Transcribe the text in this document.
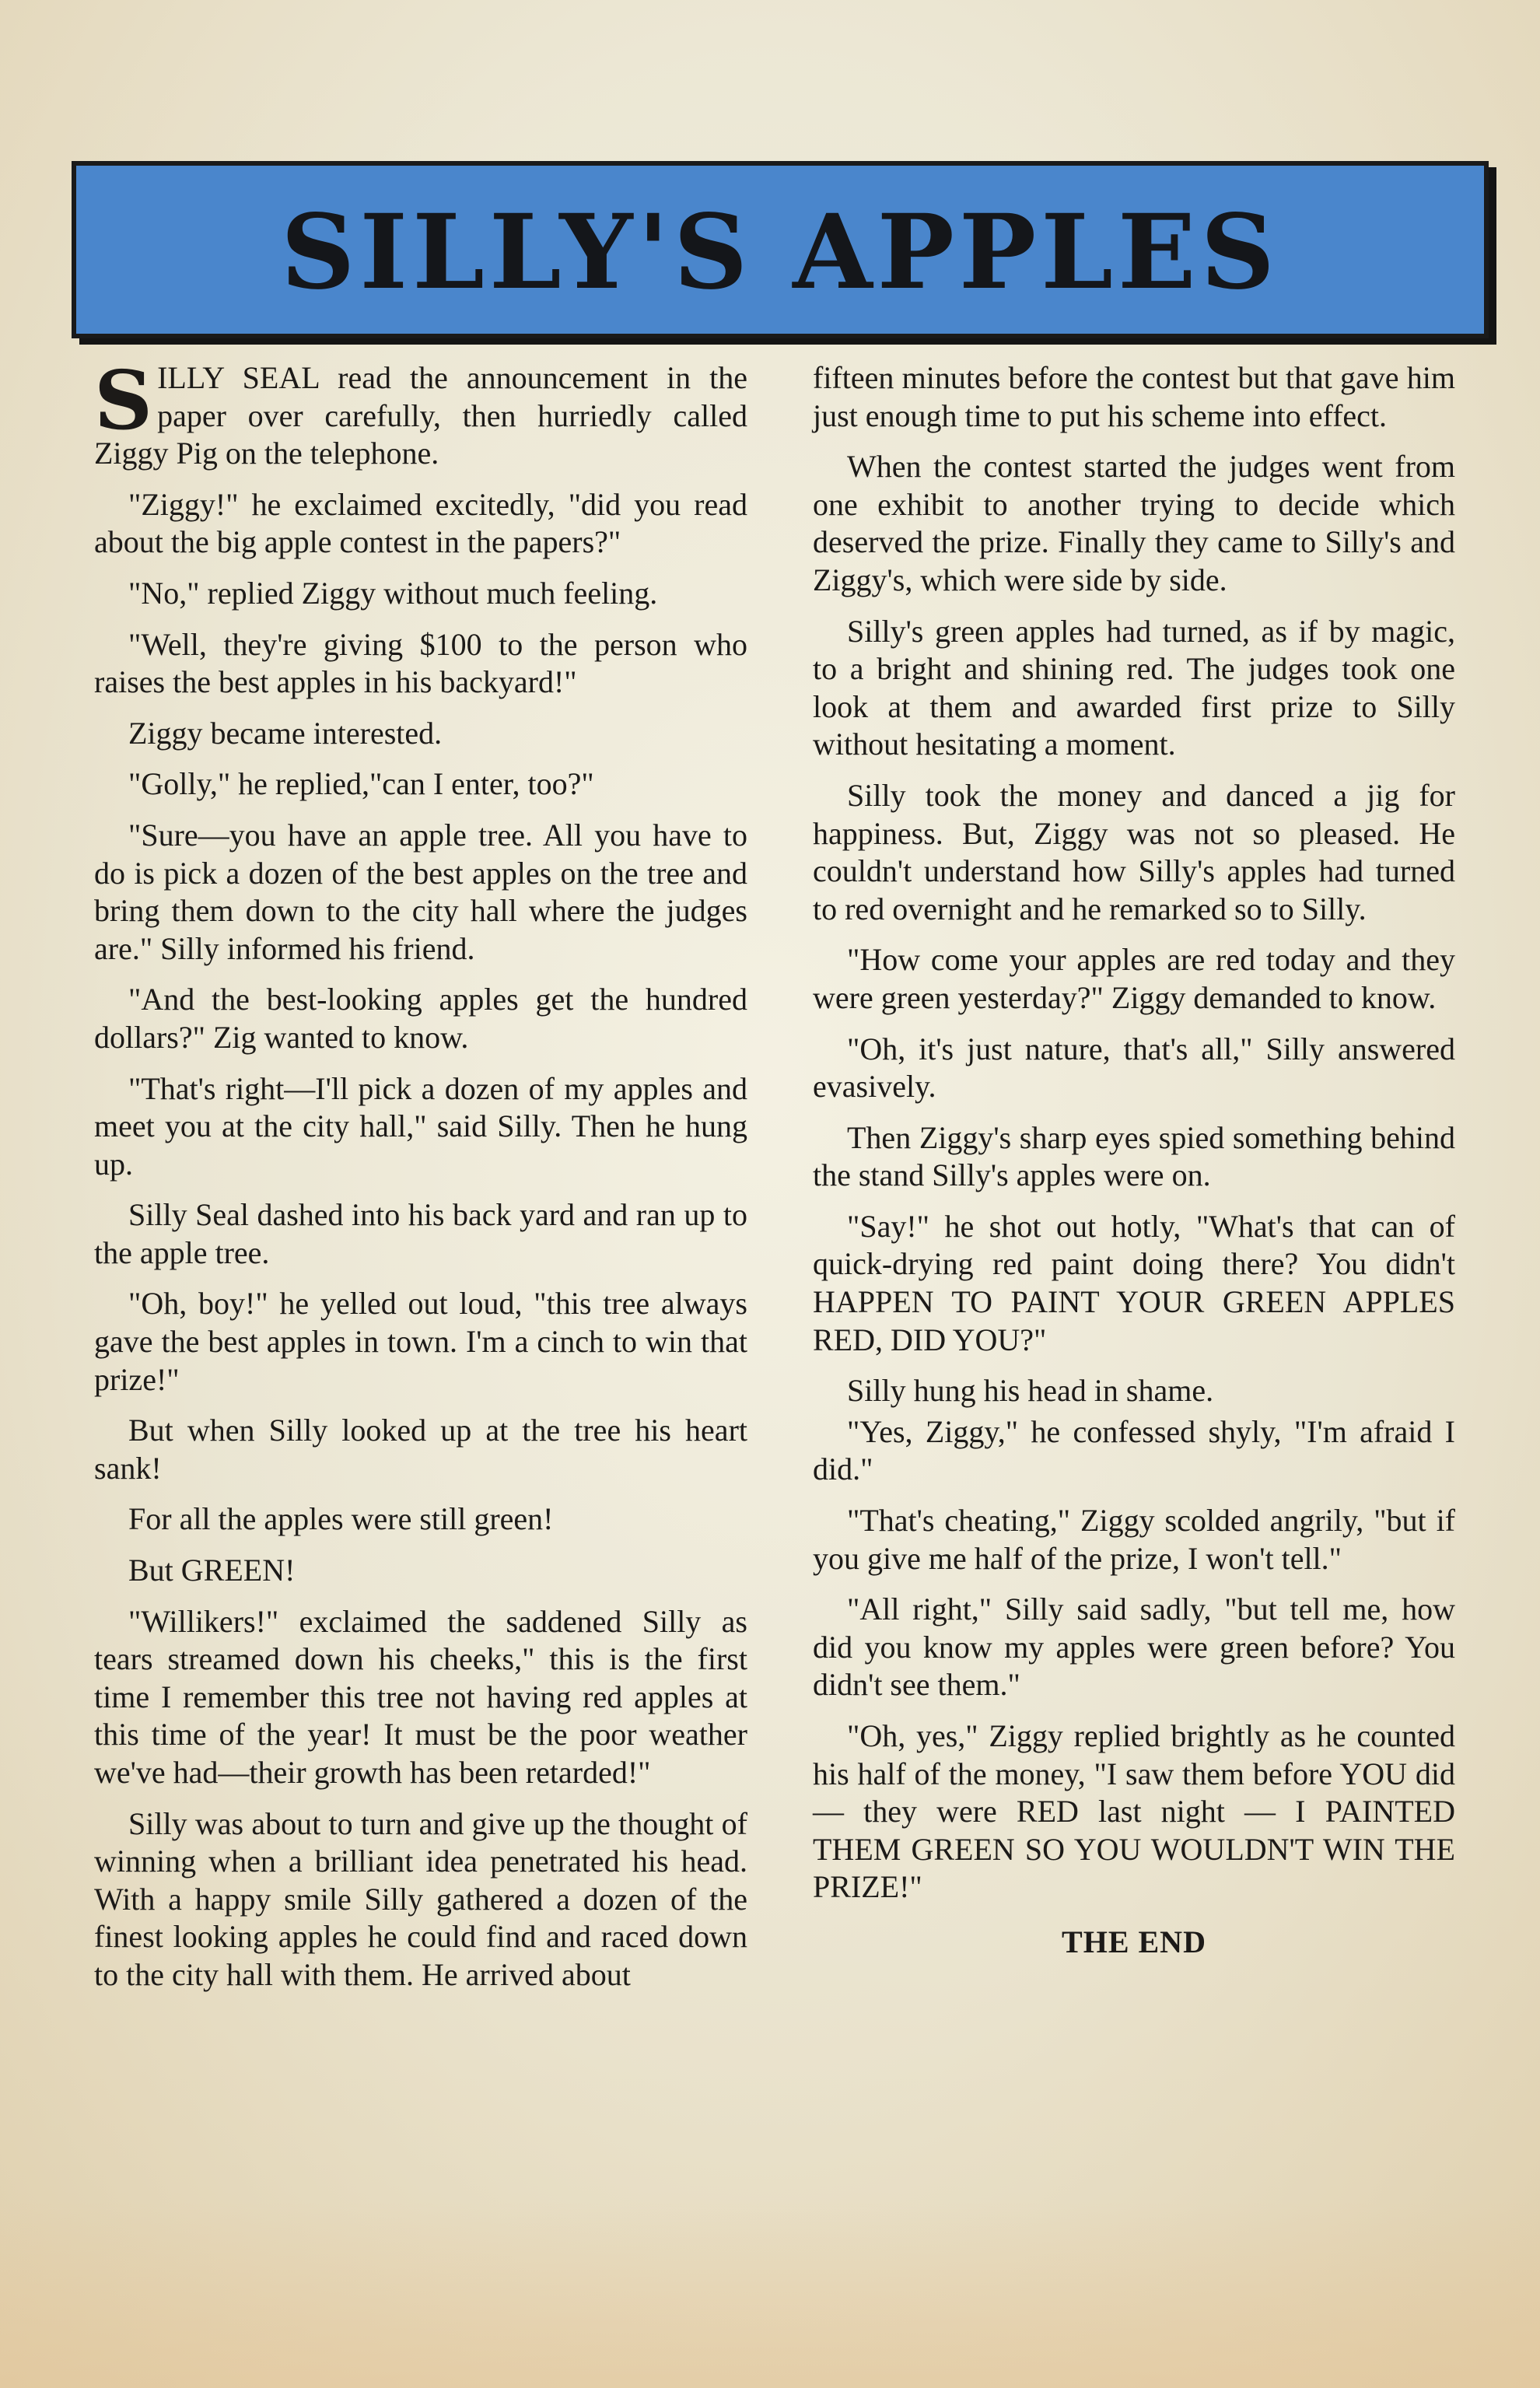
SILLY'S APPLES

SILLY SEAL read the announcement in the paper over carefully, then hurriedly called Ziggy Pig on the telephone.

"Ziggy!" he exclaimed excitedly, "did you read about the big apple contest in the papers?"

"No," replied Ziggy without much feeling.

"Well, they're giving $100 to the person who raises the best apples in his backyard!"

Ziggy became interested.

"Golly," he replied,"can I enter, too?"

"Sure—you have an apple tree. All you have to do is pick a dozen of the best apples on the tree and bring them down to the city hall where the judges are." Silly informed his friend.

"And the best-looking apples get the hundred dollars?" Zig wanted to know.

"That's right—I'll pick a dozen of my apples and meet you at the city hall," said Silly. Then he hung up.

Silly Seal dashed into his back yard and ran up to the apple tree.

"Oh, boy!" he yelled out loud, "this tree always gave the best apples in town. I'm a cinch to win that prize!"

But when Silly looked up at the tree his heart sank!

For all the apples were still green!

But GREEN!

"Willikers!" exclaimed the saddened Silly as tears streamed down his cheeks," this is the first time I remember this tree not having red apples at this time of the year! It must be the poor weather we've had—their growth has been retarded!"

Silly was about to turn and give up the thought of winning when a brilliant idea penetrated his head. With a happy smile Silly gathered a dozen of the finest looking apples he could find and raced down to the city hall with them. He arrived about

fifteen minutes before the contest but that gave him just enough time to put his scheme into effect.

When the contest started the judges went from one exhibit to another trying to decide which deserved the prize. Finally they came to Silly's and Ziggy's, which were side by side.

Silly's green apples had turned, as if by magic, to a bright and shining red. The judges took one look at them and awarded first prize to Silly without hesitating a moment.

Silly took the money and danced a jig for happiness. But, Ziggy was not so pleased. He couldn't understand how Silly's apples had turned to red overnight and he remarked so to Silly.

"How come your apples are red today and they were green yesterday?" Ziggy demanded to know.

"Oh, it's just nature, that's all," Silly answered evasively.

Then Ziggy's sharp eyes spied something behind the stand Silly's apples were on.

"Say!" he shot out hotly, "What's that can of quick-drying red paint doing there? You didn't HAPPEN TO PAINT YOUR GREEN APPLES RED, DID YOU?"

Silly hung his head in shame.

"Yes, Ziggy," he confessed shyly, "I'm afraid I did."

"That's cheating," Ziggy scolded angrily, "but if you give me half of the prize, I won't tell."

"All right," Silly said sadly, "but tell me, how did you know my apples were green before? You didn't see them."

"Oh, yes," Ziggy replied brightly as he counted his half of the money, "I saw them before YOU did — they were RED last night — I PAINTED THEM GREEN SO YOU WOULDN'T WIN THE PRIZE!"

THE END
